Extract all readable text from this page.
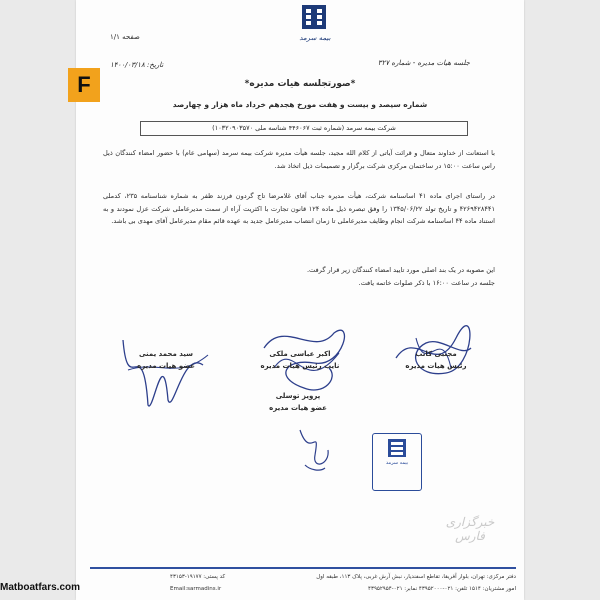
بیمه سرمد
صفحه ۱/۱
جلسه هیات مدیره - شماره ۳۲۷
تاریخ: ۱۴۰۰/۰۳/۱۸
F	*صورتجلسه هیات مدیره*
شماره سیصد و بیست و هفت مورخ هجدهم خرداد ماه هزار و چهارصد
شرکت بیمه سرمد (شماره ثبت ۴۴۶۰۶۷ شناسه ملی ۱۰۳۲۰۹۰۳۵۷۰)
با استعانت از خداوند متعال و قرائت آیاتی از کلام الله مجید، جلسه هیأت مدیره شرکت بیمه سرمد (سهامی عام) با حضور امضاء کنندگان ذیل راس ساعت ۱۵:۰۰ در ساختمان مرکزی شرکت برگزار و تصمیمات ذیل اتخاذ شد.
در راستای اجرای ماده ۴۱ اساسنامه شرکت، هیأت مدیره جناب آقای غلامرضا تاج گردون فرزند ظفر به شماره شناسنامه ۲۳۵، کدملی ۴۲۶۹۴۲۸۴۴۱ و تاریخ تولد ۱۳۴۵/۰۶/۲۲ را وفق تبصره ذیل ماده ۱۲۴ قانون تجارت با اکثریت آراء از سمت مدیرعاملی شرکت عزل نمودند و به استناد ماده ۴۴ اساسنامه شرکت انجام وظایف مدیرعاملی تا زمان انتصاب مدیرعامل جدید به عهده قائم مقام مدیرعامل آقای مهدی بی باشد.
این مصوبه در یک بند اصلی مورد تایید امضاء کنندگان زیر قرار گرفت.
جلسه در ساعت ۱۶:۰۰ با ذکر صلوات خاتمه یافت.
مجتبی کاتب
رئیس هیات مدیره
اکبر عباسی ملکی
نایب رئیس هیات مدیره
سید محمد یمنی
عضو هیات مدیره
پرویز توسلی
عضو هیات مدیره
بیمه سرمد
خبرگزاری فارس
دفتر مرکزی: تهران، بلوار آفریقا، تقاطع اسفندیار، نبش آرش غربی، پلاک ۱۱۳، طبقه اول
امور مشتریان: ۱۵۱۴ تلفن: ۰۲۱-۴۳۹۵۲۰۰۰ نمابر: ۰۲۱-۴۳۹۵۲۹۵۴
کد پستی: ۱۹۱۷۷-۴۳۱۵۳
Email:sarmadins.ir
Matboatfars.com
